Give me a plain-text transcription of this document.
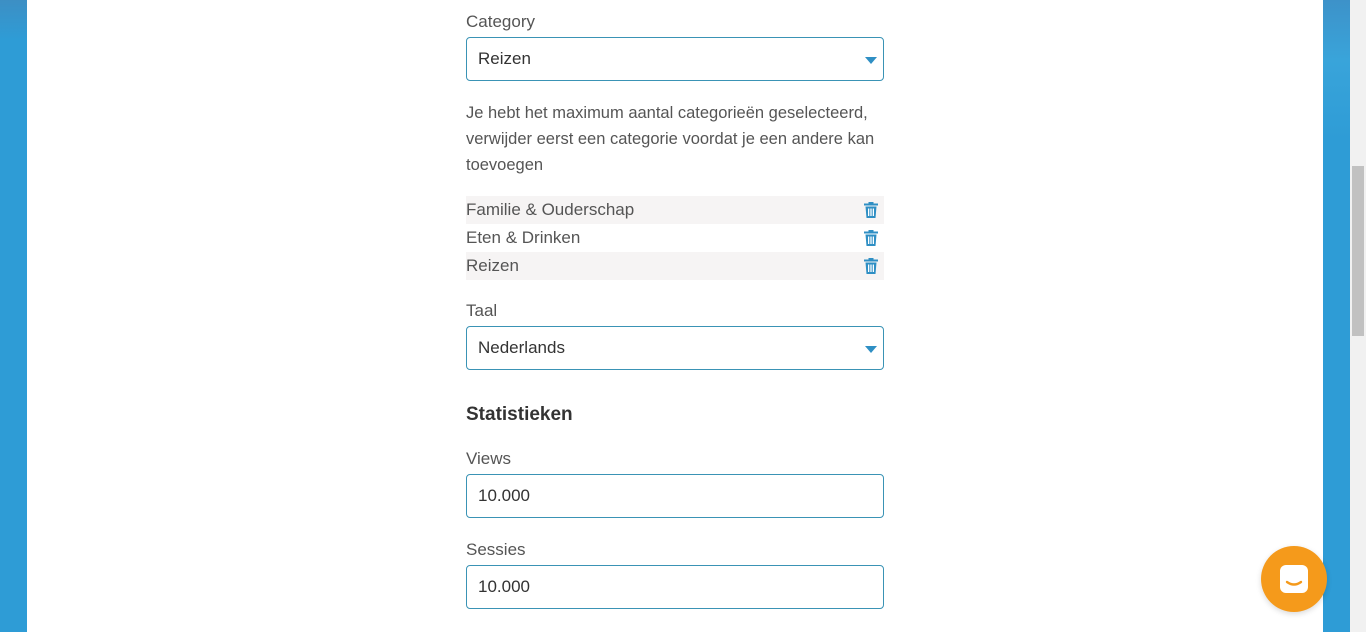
Category
Reizen
Je hebt het maximum aantal categorieën geselecteerd, verwijder eerst een categorie voordat je een andere kan toevoegen
Familie & Ouderschap
Eten & Drinken
Reizen
Taal
Nederlands
Statistieken
Views
10.000
Sessies
10.000
